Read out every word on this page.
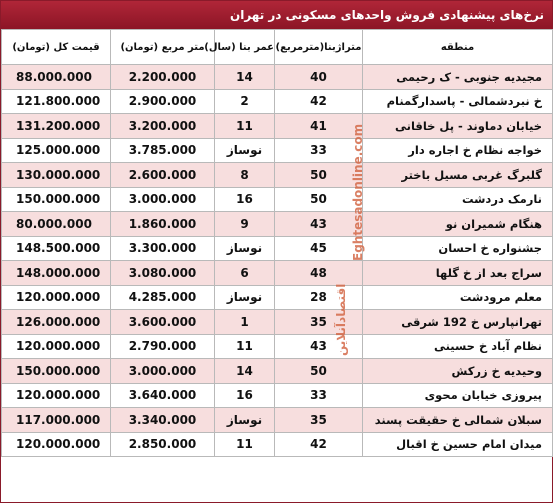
نرخ‌های پیشنهادی فروش واحدهای مسکونی در تهران
منطقه	متراژبنا(مترمربع)	عمر بنا (سال)	متر مربع (تومان)	قیمت کل (تومان)
مجیدیه جنوبی - ک رحیمی	40	14	2.200.000	88.000.000
خ نبردشمالی - پاسدارگمنام	42	2	2.900.000	121.800.000
خیابان دماوند - پل خاقانی	41	11	3.200.000	131.200.000
خواجه نظام خ اجاره دار	33	نوساز	3.785.000	125.000.000
گلبرگ غربی مسیل باختر	50	8	2.600.000	130.000.000
نارمک دردشت	50	16	3.000.000	150.000.000
هنگام شمیران نو	43	9	1.860.000	80.000.000
جشنواره خ احسان	45	نوساز	3.300.000	148.500.000
سراج بعد از خ گلها	48	6	3.080.000	148.000.000
معلم مرودشت	28	نوساز	4.285.000	120.000.000
تهرانپارس خ 192 شرقی	35	1	3.600.000	126.000.000
نظام آباد خ حسینی	43	11	2.790.000	120.000.000
وحیدیه خ زرکش	50	14	3.000.000	150.000.000
پیروزی خیابان محوی	33	16	3.640.000	120.000.000
سبلان شمالی خ حقیقت پسند	35	نوساز	3.340.000	117.000.000
میدان امام حسین خ اقبال	42	11	2.850.000	120.000.000
Eghtesadonline.com
اقتصادآنلاین
